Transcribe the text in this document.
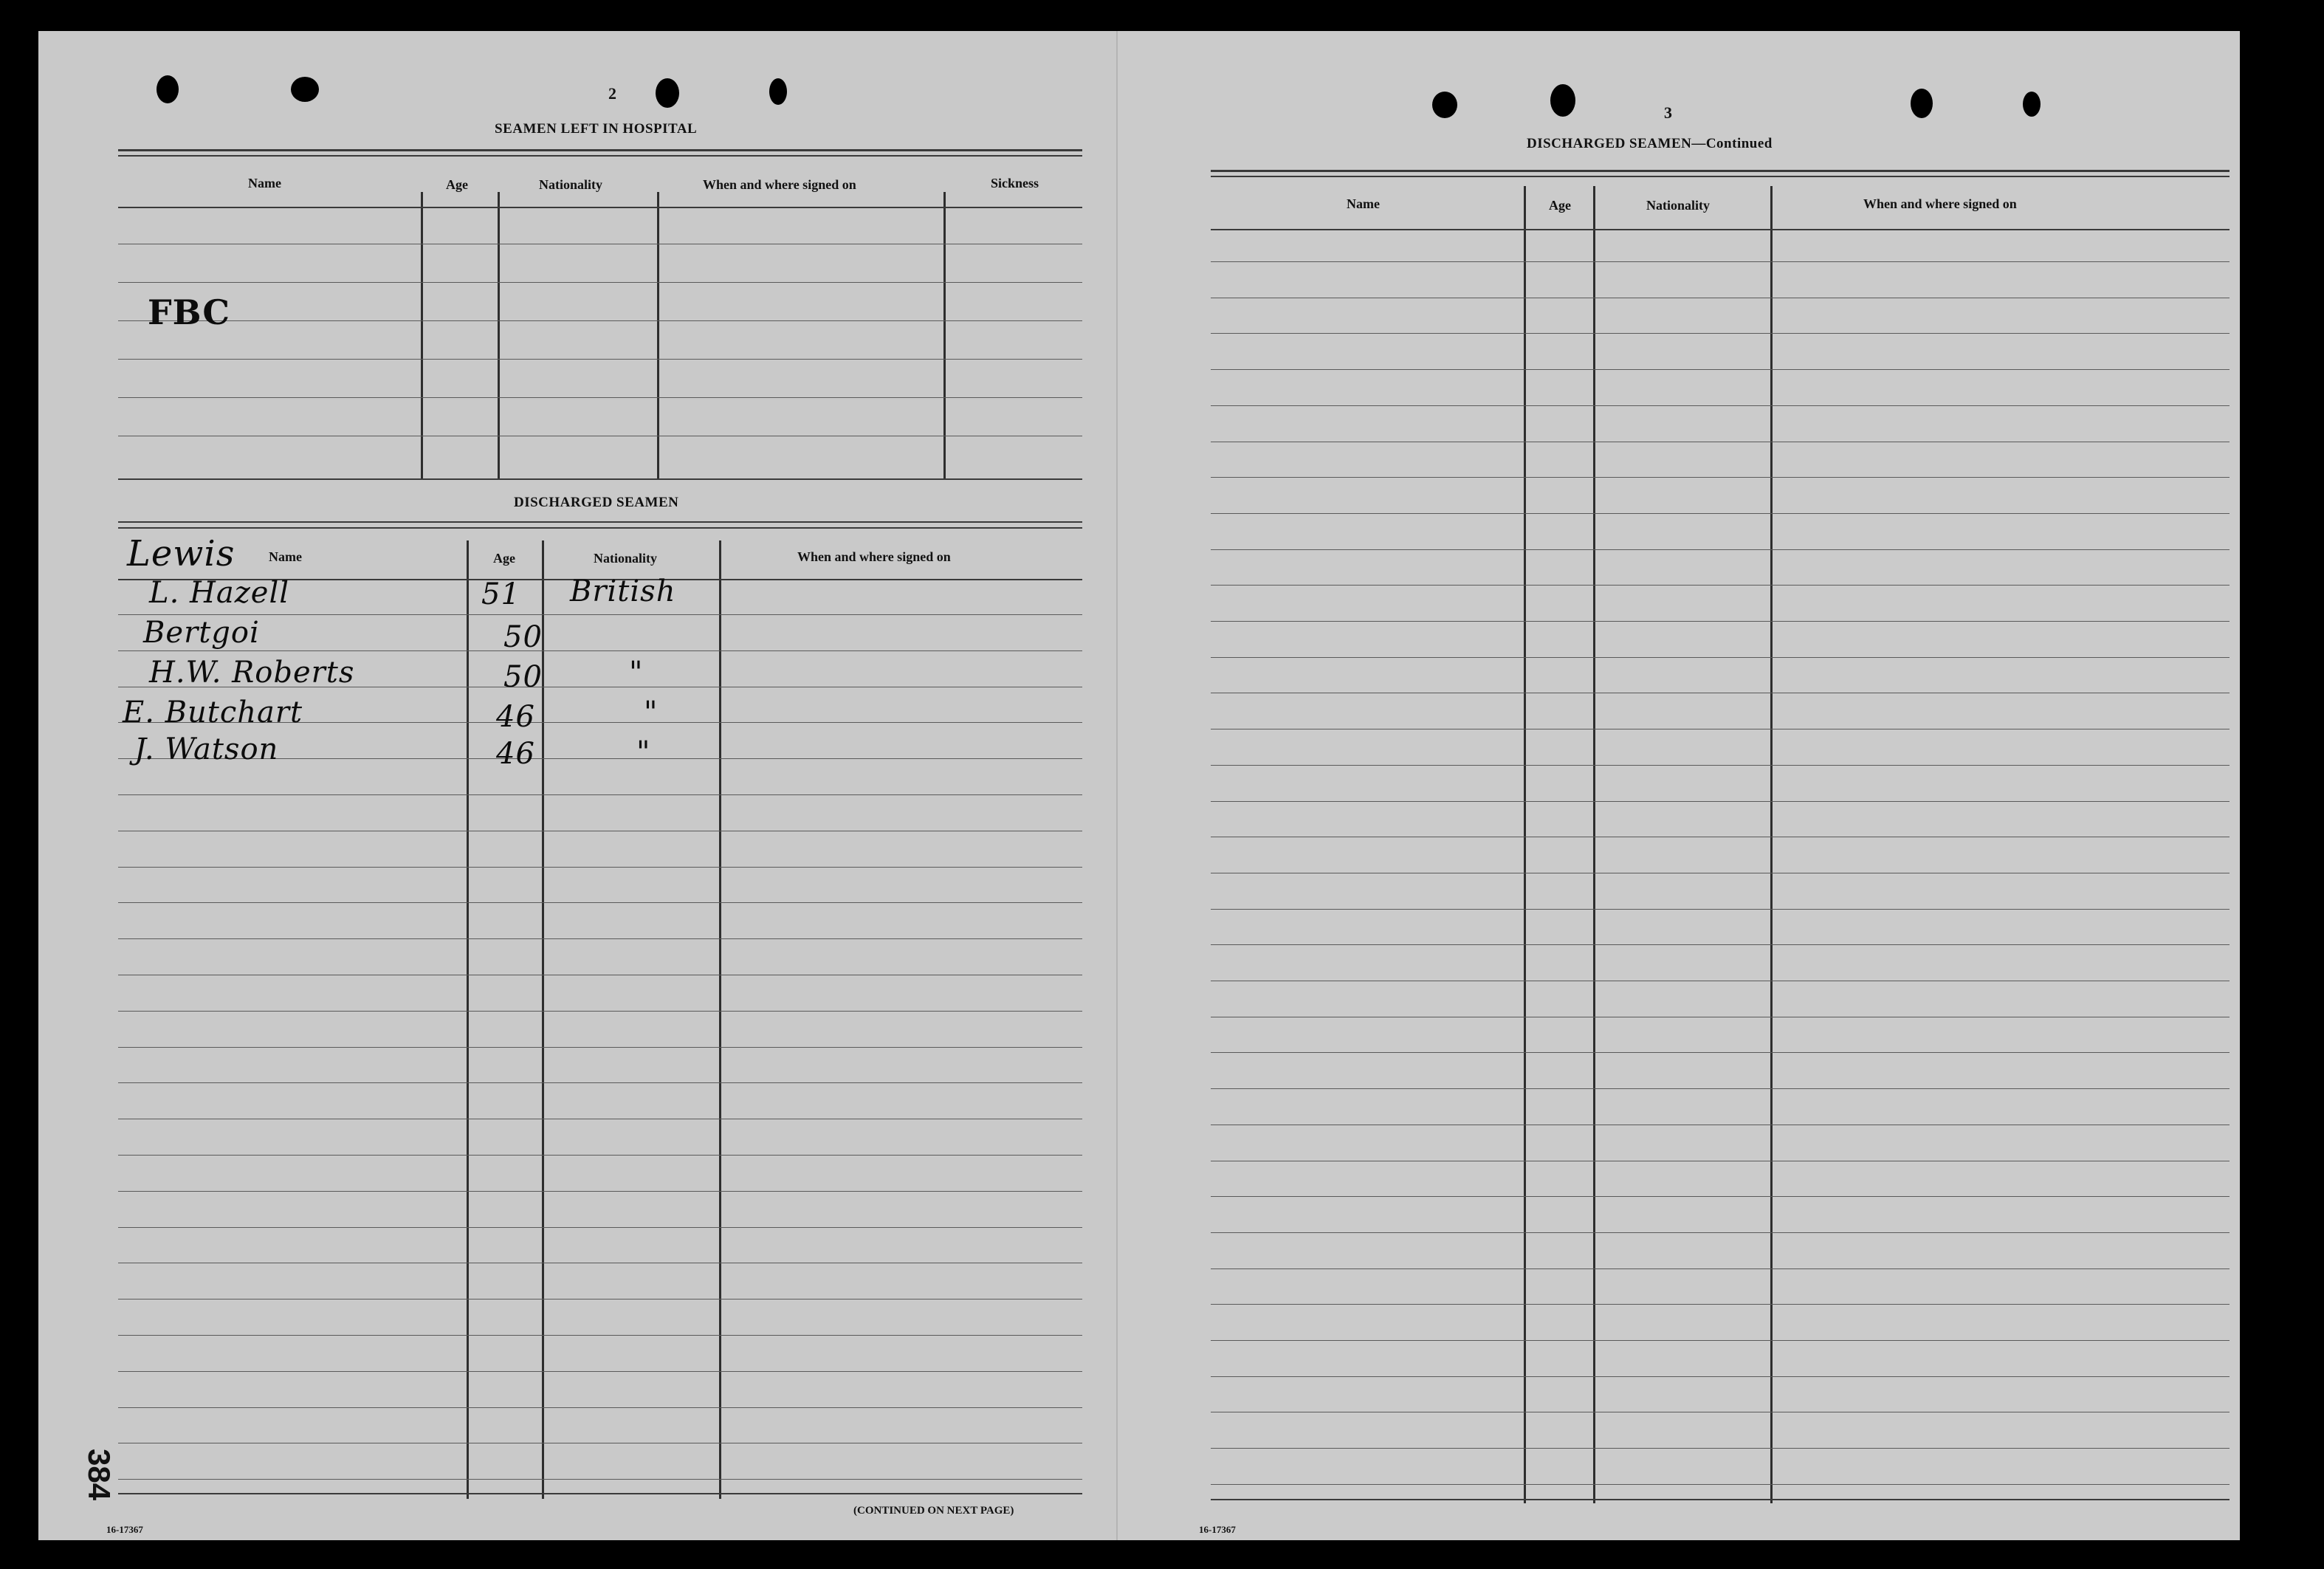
2
SEAMEN LEFT IN HOSPITAL
Name	Age	Nationality	When and where signed on	Sickness
FBC
DISCHARGED SEAMEN
Name	Age	Nationality	When and where signed on
Lewis
L. Hazell	51 British
Bertgoi	50
H.W. Roberts	50	"
E. Butchart	46	"
J. Watson	46	"
16-17367
(CONTINUED ON NEXT PAGE)
384
3
DISCHARGED SEAMEN—Continued
Name	Age	Nationality	When and where signed on
16-17367
